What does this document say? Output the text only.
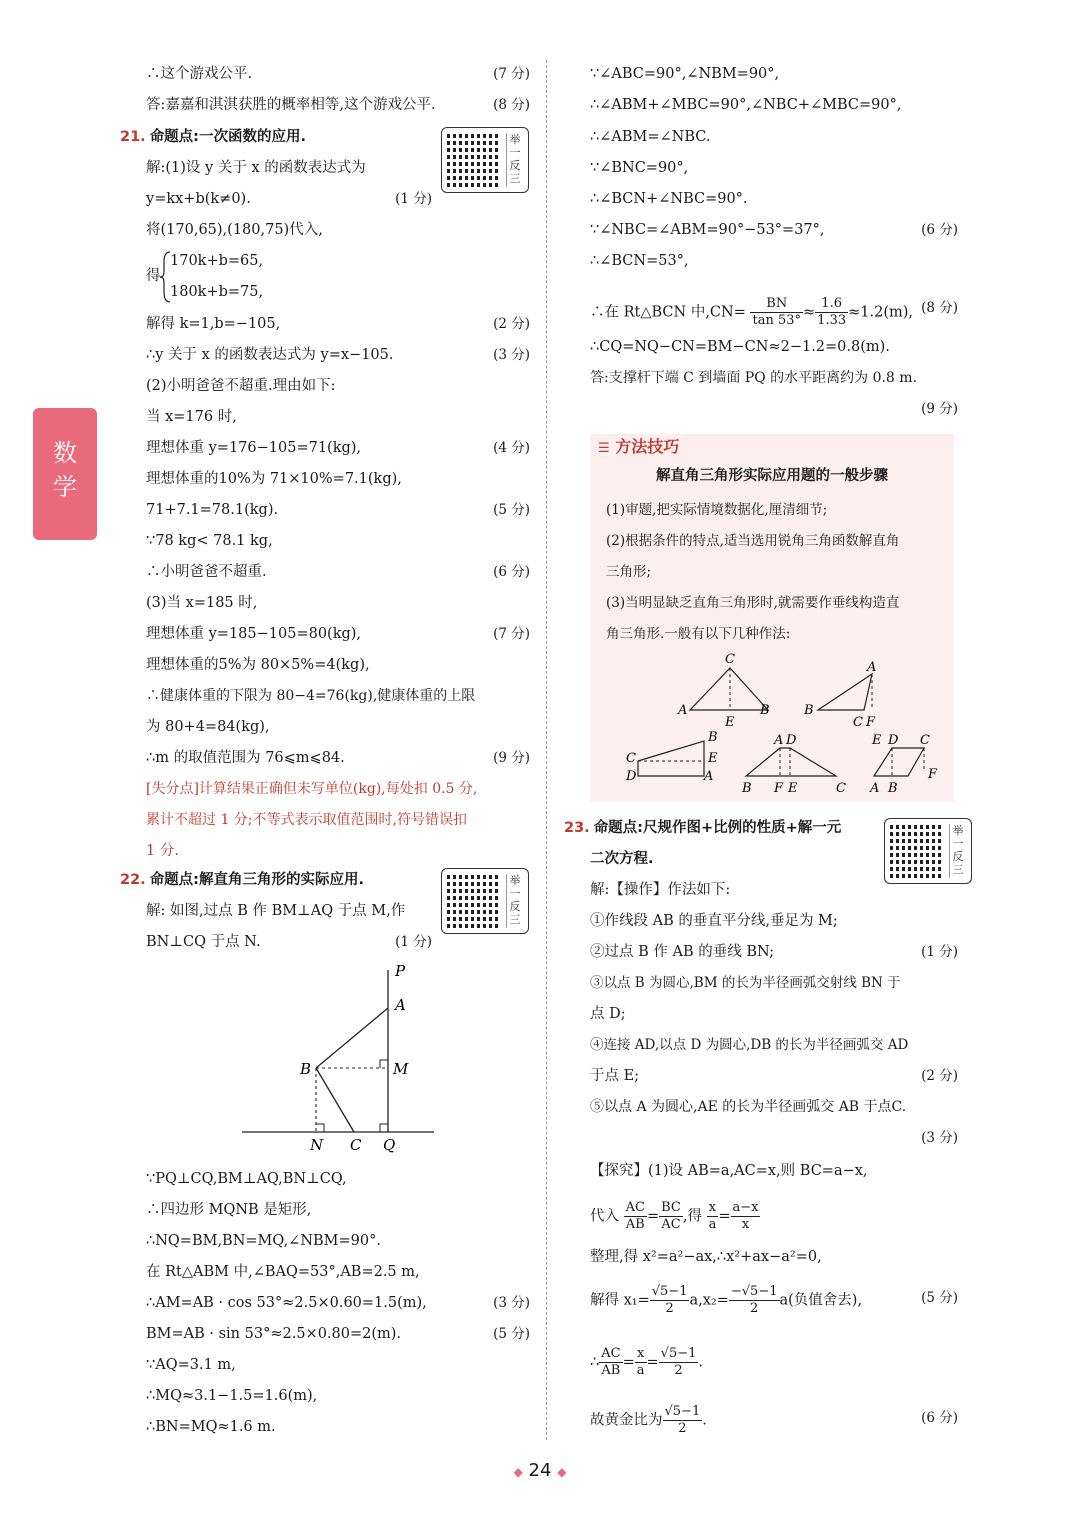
数学
∴这个游戏公平.	(7 分)
答:嘉嘉和淇淇获胜的概率相等,这个游戏公平.	(8 分)
21. 命题点:一次函数的应用.
解:(1)设 y 关于 x 的函数表达式为
y=kx+b(k≠0).	(1 分)
将(170,65),(180,75)代入,
得
170k+b=65,
180k+b=75,
解得 k=1,b=−105,	(2 分)
∴y 关于 x 的函数表达式为 y=x−105.	(3 分)
(2)小明爸爸不超重.理由如下:
当 x=176 时,
理想体重 y=176−105=71(kg),	(4 分)
理想体重的10%为 71×10%=7.1(kg),
71+7.1=78.1(kg).	(5 分)
∵78 kg< 78.1 kg,
∴小明爸爸不超重.	(6 分)
(3)当 x=185 时,
理想体重 y=185−105=80(kg),	(7 分)
理想体重的5%为 80×5%=4(kg),
∴健康体重的下限为 80−4=76(kg),健康体重的上限
为 80+4=84(kg),
∴m 的取值范围为 76⩽m⩽84.	(9 分)
[失分点]计算结果正确但未写单位(kg),每处扣 0.5 分,
累计不超过 1 分;不等式表示取值范围时,符号错误扣
1 分.
22. 命题点:解直角三角形的实际应用.
解: 如图,过点 B 作 BM⊥AQ 于点 M,作
BN⊥CQ 于点 N.	(1 分)
∵PQ⊥CQ,BM⊥AQ,BN⊥CQ,
∴四边形 MQNB 是矩形,
∴NQ=BM,BN=MQ,∠NBM=90°.
在 Rt△ABM 中,∠BAQ=53°,AB=2.5 m,
∴AM=AB · cos 53°≈2.5×0.60=1.5(m),	(3 分)
BM=AB · sin 53°≈2.5×0.80=2(m).	(5 分)
∵AQ=3.1 m,
∴MQ≈3.1−1.5=1.6(m),
∴BN=MQ≈1.6 m.
举一反三
举一反三
举一反三
P
A
B	M
N C Q
∵∠ABC=90°,∠NBM=90°,
∴∠ABM+∠MBC=90°,∠NBC+∠MBC=90°,
∴∠ABM=∠NBC.
∵∠BNC=90°,
∴∠BCN+∠NBC=90°.
∵∠NBC=∠ABM=90°−53°=37°,	(6 分)
∴∠BCN=53°,
∴在 Rt△BCN 中$,CN= \frac{BN}{\tan 53^\circ} \approx \frac{1.6}{1.33} \approx 1.2(m)$, (8 分)
∴CQ=NQ−CN=BM−CN≈2−1.2=0.8(m).
答:支撑杆下端 C 到墙面 PQ 的水平距离约为 0.8 m.
(9 分)
23. 命题点:尺规作图+比例的性质+解一元
二次方程.
解:【操作】作法如下:
①作线段 AB 的垂直平分线,垂足为 M;
②过点 B 作 AB 的垂线 BN;	(1 分)
③以点 B 为圆心,BM 的长为半径画弧交射线 BN 于
点 D;
④连接 AD,以点 D 为圆心,DB 的长为半径画弧交 AD
于点 E;	(2 分)
⑤以点 A 为圆心,AE 的长为半径画弧交 AB 于点C.
(3 分)
【探究】(1)设 AB=a,AC=x,则 BC=a−x,
代入 $\frac{AC}{AB} = \frac{BC}{AC}$ ,得 $\frac{x}{a} = \frac{a-x}{x}$
整理,得 x²=a²−ax,∴x²+ax−a²=0,
解得 $x_1= \frac{√5-1}{2} a,x_2= \frac{-√5-1}{2} a$(负值舍去),	(5 分)
∴ $\frac{AC}{AB} = \frac{x}{a} = \frac{√5-1}{2}$ .
故黄金比为 $\frac{√5-1}{2}$ .	(6 分)
☰ 方法技巧
解直角三角形实际应用题的一般步骤
(1)审题,把实际情境数据化,厘清细节;
(2)根据条件的特点,适当选用锐角三角函数解直角
三角形;
(3)当明显缺乏直角三角形时,就需要作垂线构造直
角三角形.一般有以下几种作法:
C
A
E
B
A
B
C F
B
C	E
D	A
A D
B F E	C
E D C
A B
F
◆ 24 ◆
